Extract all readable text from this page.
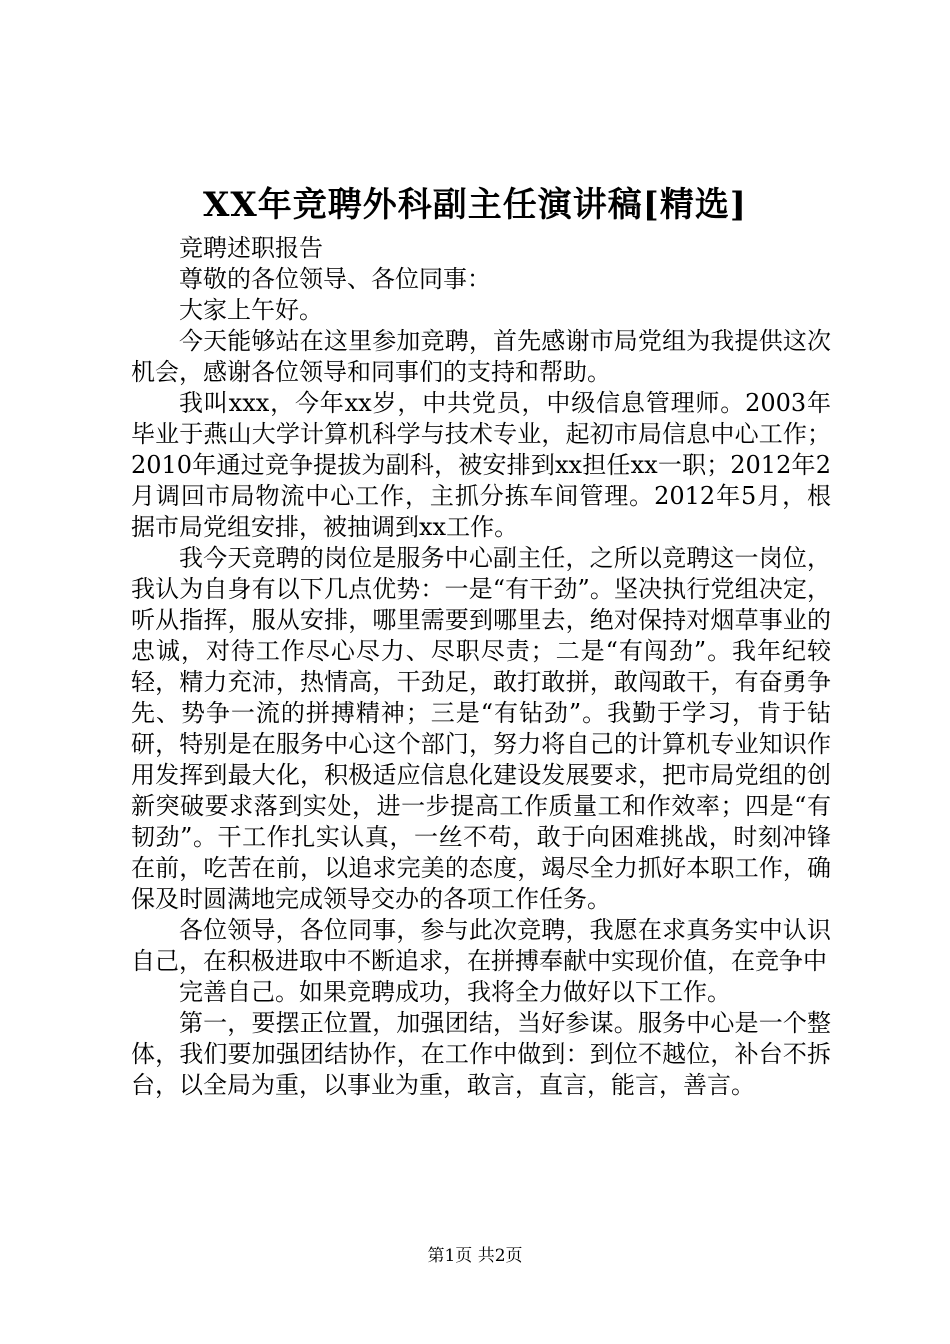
XX年竞聘外科副主任演讲稿[精选]

竞聘述职报告

尊敬的各位领导、各位同事：

大家上午好。

今天能够站在这里参加竞聘，首先感谢市局党组为我提供这次机会，感谢各位领导和同事们的支持和帮助。

我叫xxx，今年xx岁，中共党员，中级信息管理师。2003年毕业于燕山大学计算机科学与技术专业，起初市局信息中心工作；2010年通过竞争提拔为副科，被安排到xx担任xx一职；2012年2月调回市局物流中心工作，主抓分拣车间管理。2012年5月，根据市局党组安排，被抽调到xx工作。

我今天竞聘的岗位是服务中心副主任，之所以竞聘这一岗位，我认为自身有以下几点优势：一是“有干劲”。坚决执行党组决定，听从指挥，服从安排，哪里需要到哪里去，绝对保持对烟草事业的忠诚，对待工作尽心尽力、尽职尽责；二是“有闯劲”。我年纪较轻，精力充沛，热情高，干劲足，敢打敢拼，敢闯敢干，有奋勇争先、势争一流的拼搏精神；三是“有钻劲”。我勤于学习，肯于钻研，特别是在服务中心这个部门，努力将自己的计算机专业知识作用发挥到最大化，积极适应信息化建设发展要求，把市局党组的创新突破要求落到实处，进一步提高工作质量工和作效率；四是“有韧劲”。干工作扎实认真，一丝不苟，敢于向困难挑战，时刻冲锋在前，吃苦在前，以追求完美的态度，竭尽全力抓好本职工作，确保及时圆满地完成领导交办的各项工作任务。

各位领导，各位同事，参与此次竞聘，我愿在求真务实中认识自己，在积极进取中不断追求，在拼搏奉献中实现价值，在竞争中

完善自己。如果竞聘成功，我将全力做好以下工作。

第一，要摆正位置，加强团结，当好参谋。服务中心是一个整体，我们要加强团结协作，在工作中做到：到位不越位，补台不拆台，以全局为重，以事业为重，敢言，直言，能言，善言。

第1页 共2页
